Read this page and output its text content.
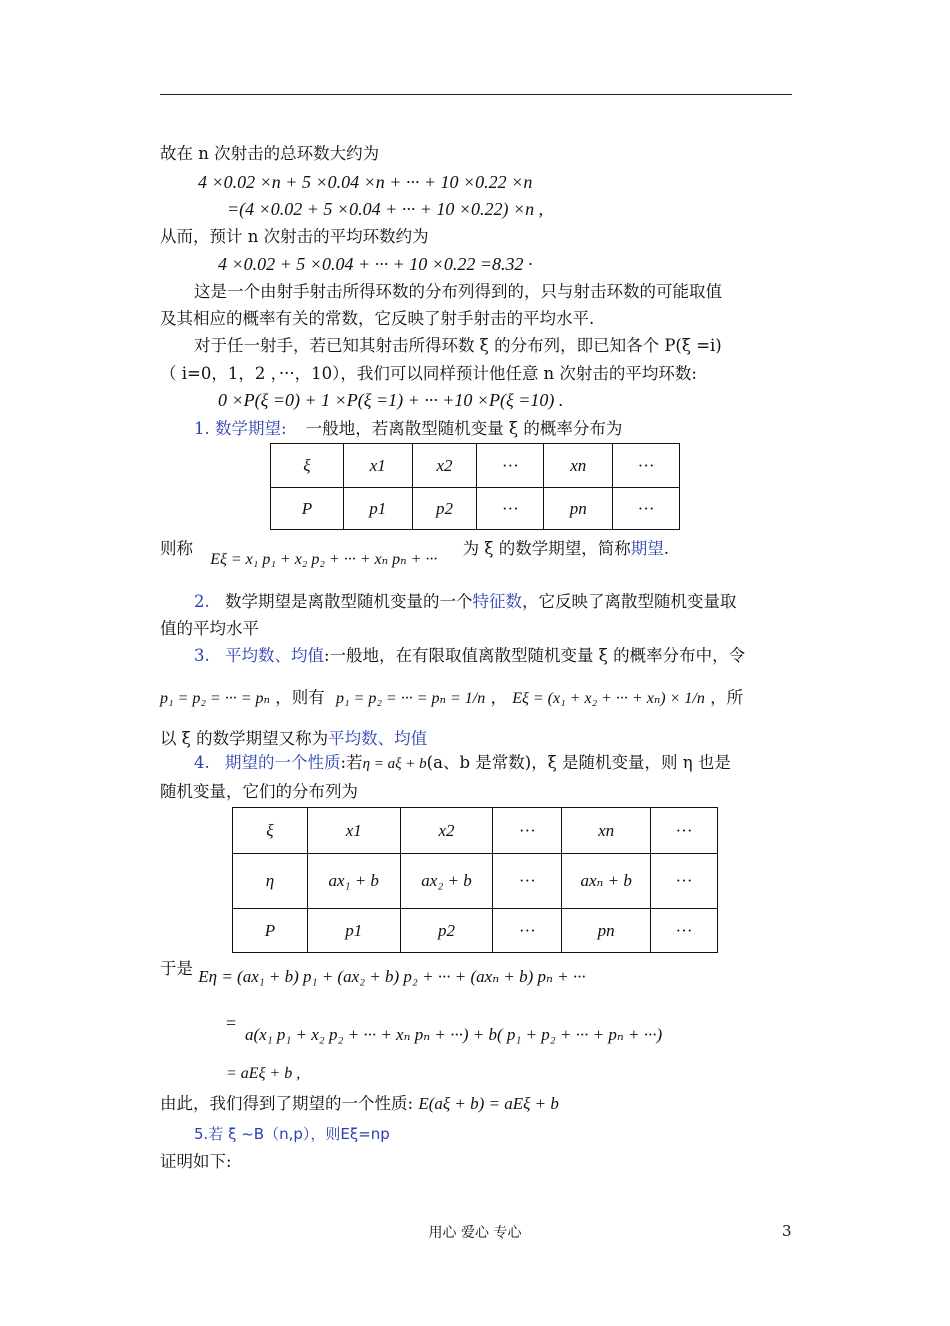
故在 n 次射击的总环数大约为
4 ×0.02 ×n + 5 ×0.04 ×n + ··· + 10 ×0.22 ×n
=(4 ×0.02 + 5 ×0.04 + ··· + 10 ×0.22) ×n ,
从而，预计 n 次射击的平均环数约为
4 ×0.02 + 5 ×0.04 + ··· + 10 ×0.22 =8.32 ·
这是一个由射手射击所得环数的分布列得到的，只与射击环数的可能取值
及其相应的概率有关的常数，它反映了射手射击的平均水平.
对于任一射手，若已知其射击所得环数 ξ 的分布列，即已知各个 P(ξ =i)
（ i=0，1，2 ，···，10），我们可以同样预计他任意 n 次射击的平均环数:
0 ×P(ξ =0) + 1 ×P(ξ =1) + ··· +10 ×P(ξ =10) .
1. 数学期望: 一般地，若离散型随机变量 ξ 的概率分布为
ξ	x1	x2	···	xn	···
P	p1	p2	···	pn	···
则称 Eξ = x₁ p₁ + x₂ p₂ + ··· + xₙ pₙ + ··· 为 ξ 的数学期望，简称期望.
2. 数学期望是离散型随机变量的一个特征数，它反映了离散型随机变量取
值的平均水平
3. 平均数、均值:一般地，在有限取值离散型随机变量 ξ 的概率分布中，令
p₁ = p₂ = ··· = pₙ ，则有 p₁ = p₂ = ··· = pₙ = 1/n ， Eξ = (x₁ + x₂ + ··· + xₙ) × 1/n ，所
以 ξ 的数学期望又称为平均数、均值
4. 期望的一个性质:若η = aξ + b(a、b 是常数)，ξ 是随机变量，则 η 也是
随机变量，它们的分布列为
ξ	x1	x2	···	xn	···
η	ax₁ + b	ax₂ + b	···	axₙ + b	···
P	p1	p2	···	pn	···
于是 Eη = (ax₁ + b) p₁ + (ax₂ + b) p₂ + ··· + (axₙ + b) pₙ + ···
=
a(x₁ p₁ + x₂ p₂ + ··· + xₙ pₙ + ···) + b( p₁ + p₂ + ··· + pₙ + ···)
= aEξ + b ,
由此，我们得到了期望的一个性质: E(aξ + b) = aEξ + b
5.若 ξ ~B（n,p），则Eξ=np
证明如下:
用心 爱心 专心	3
